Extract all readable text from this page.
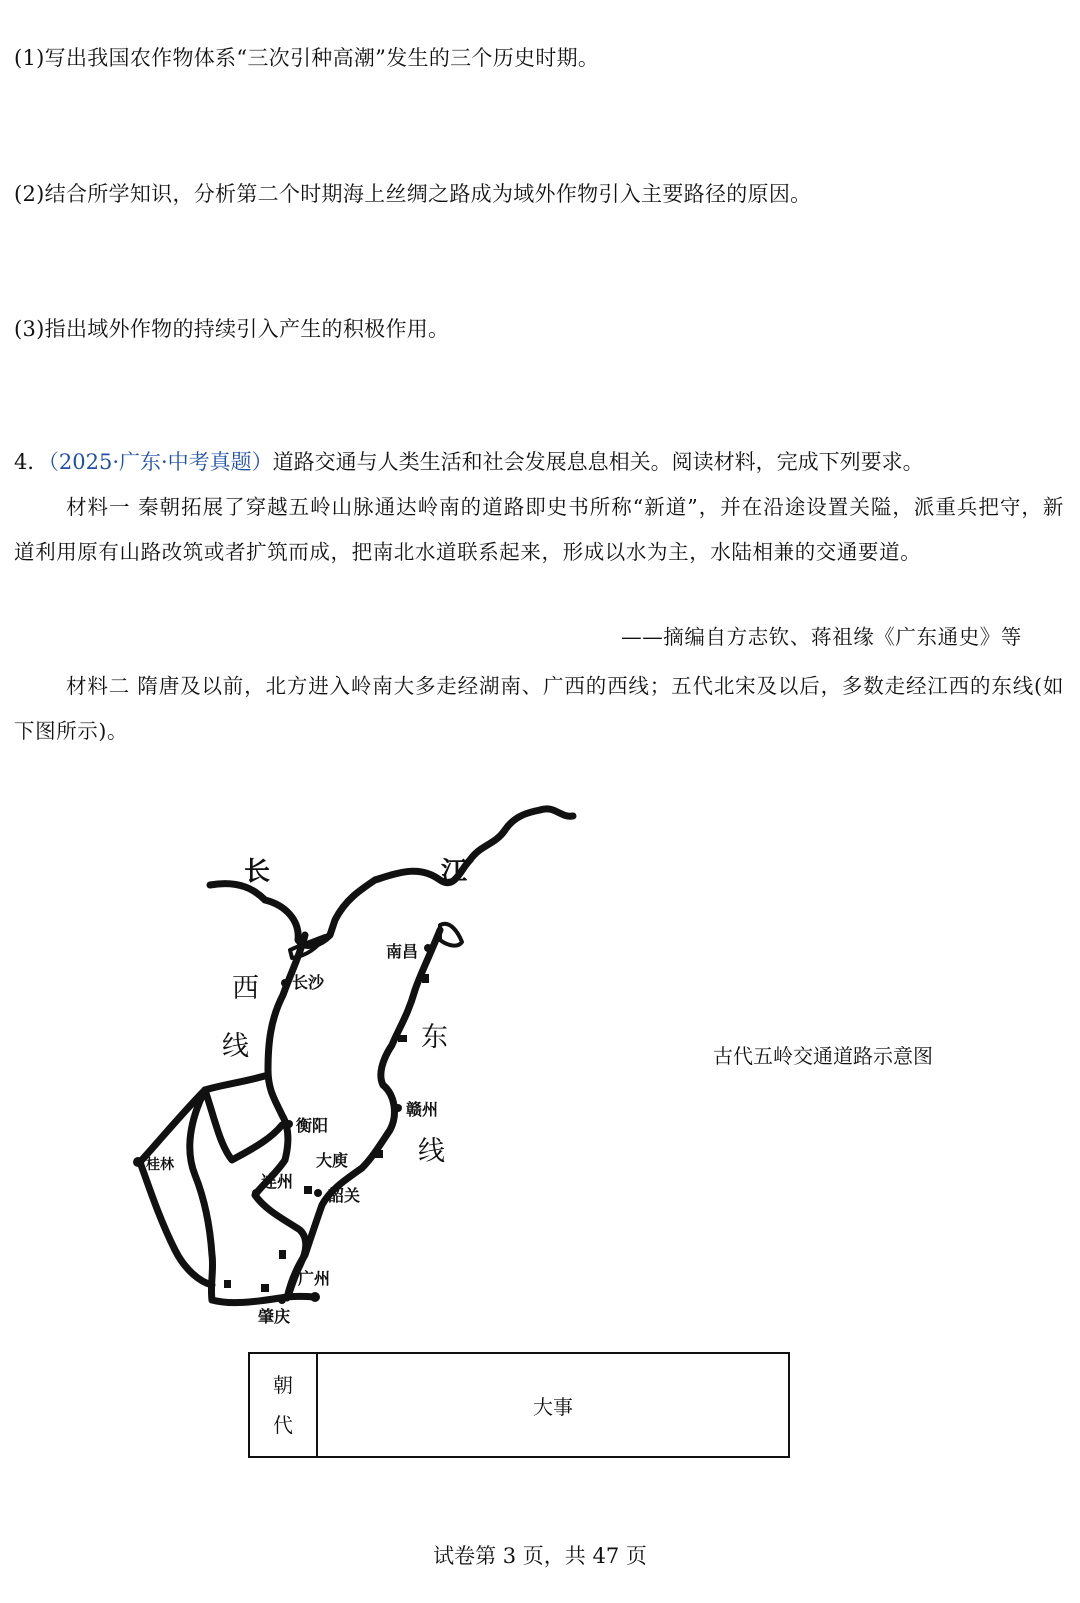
(1)写出我国农作物体系“三次引种高潮”发生的三个历史时期。
(2)结合所学知识，分析第二个时期海上丝绸之路成为域外作物引入主要路径的原因。
(3)指出域外作物的持续引入产生的积极作用。
4．（2025·广东·中考真题）道路交通与人类生活和社会发展息息相关。阅读材料，完成下列要求。

材料一 秦朝拓展了穿越五岭山脉通达岭南的道路即史书所称“新道”，并在沿途设置关隘，派重兵把守，新道利用原有山路改筑或者扩筑而成，把南北水道联系起来，形成以水为主，水陆相兼的交通要道。

——摘编自方志钦、蒋祖缘《广东通史》等

材料二 隋唐及以前，北方进入岭南大多走经湖南、广西的西线；五代北宋及以后，多数走经江西的东线(如下图所示)。

长	江
西
线	东
线
南昌
长沙
衡阳
赣州
大庾
桂林
连州
韶关
广州
肇庆
古代五岭交通道路示意图
朝
代
	大事
试卷第 3 页，共 47 页
